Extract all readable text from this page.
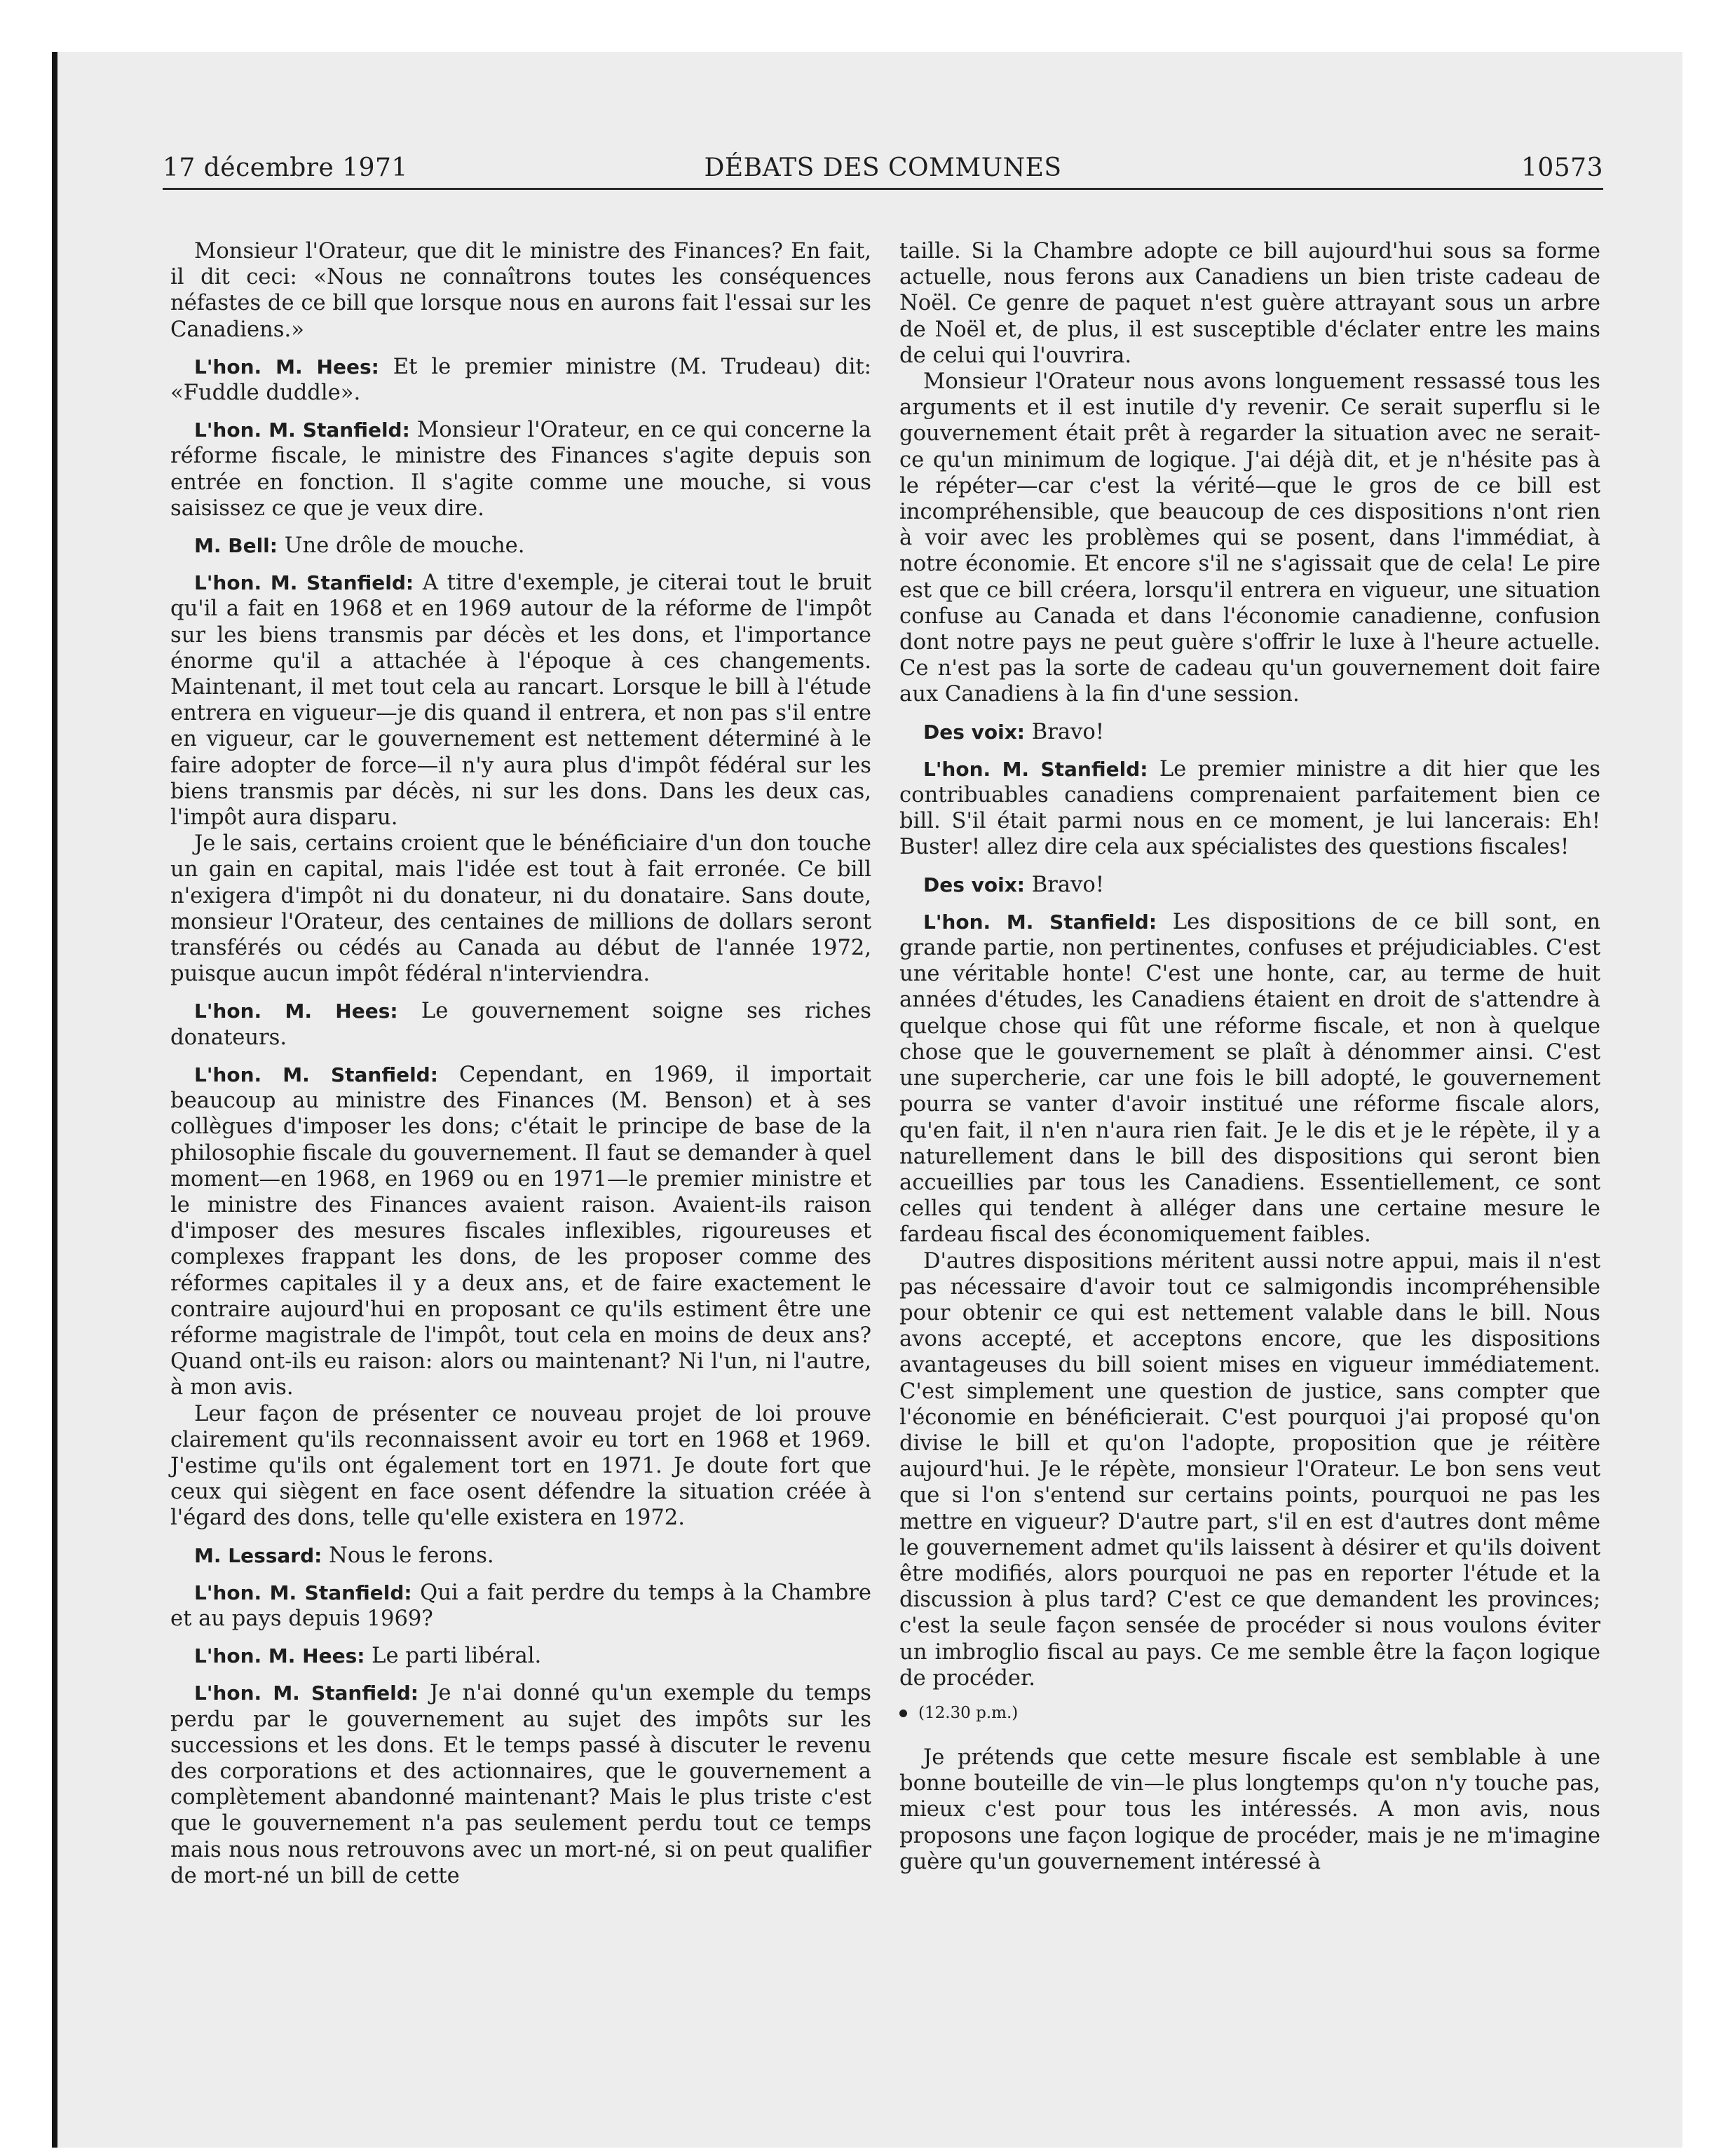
DÉBATS DES COMMUNES
17 décembre 1971	10573

Monsieur l'Orateur, que dit le ministre des Finances? En fait, il dit ceci: «Nous ne connaîtrons toutes les conséquences néfastes de ce bill que lorsque nous en aurons fait l'essai sur les Canadiens.»

L'hon. M. Hees: Et le premier ministre (M. Trudeau) dit: «Fuddle duddle».

L'hon. M. Stanfield: Monsieur l'Orateur, en ce qui concerne la réforme fiscale, le ministre des Finances s'agite depuis son entrée en fonction. Il s'agite comme une mouche, si vous saisissez ce que je veux dire.

M. Bell: Une drôle de mouche.

L'hon. M. Stanfield: A titre d'exemple, je citerai tout le bruit qu'il a fait en 1968 et en 1969 autour de la réforme de l'impôt sur les biens transmis par décès et les dons, et l'importance énorme qu'il a attachée à l'époque à ces changements. Maintenant, il met tout cela au rancart. Lorsque le bill à l'étude entrera en vigueur—je dis quand il entrera, et non pas s'il entre en vigueur, car le gouvernement est nettement déterminé à le faire adopter de force—il n'y aura plus d'impôt fédéral sur les biens transmis par décès, ni sur les dons. Dans les deux cas, l'impôt aura disparu.

Je le sais, certains croient que le bénéficiaire d'un don touche un gain en capital, mais l'idée est tout à fait erronée. Ce bill n'exigera d'impôt ni du donateur, ni du donataire. Sans doute, monsieur l'Orateur, des centaines de millions de dollars seront transférés ou cédés au Canada au début de l'année 1972, puisque aucun impôt fédéral n'interviendra.

L'hon. M. Hees: Le gouvernement soigne ses riches donateurs.

L'hon. M. Stanfield: Cependant, en 1969, il importait beaucoup au ministre des Finances (M. Benson) et à ses collègues d'imposer les dons; c'était le principe de base de la philosophie fiscale du gouvernement. Il faut se demander à quel moment—en 1968, en 1969 ou en 1971—le premier ministre et le ministre des Finances avaient raison. Avaient-ils raison d'imposer des mesures fiscales inflexibles, rigoureuses et complexes frappant les dons, de les proposer comme des réformes capitales il y a deux ans, et de faire exactement le contraire aujourd'hui en proposant ce qu'ils estiment être une réforme magistrale de l'impôt, tout cela en moins de deux ans? Quand ont-ils eu raison: alors ou maintenant? Ni l'un, ni l'autre, à mon avis.

Leur façon de présenter ce nouveau projet de loi prouve clairement qu'ils reconnaissent avoir eu tort en 1968 et 1969. J'estime qu'ils ont également tort en 1971. Je doute fort que ceux qui siègent en face osent défendre la situation créée à l'égard des dons, telle qu'elle existera en 1972.

M. Lessard: Nous le ferons.

L'hon. M. Stanfield: Qui a fait perdre du temps à la Chambre et au pays depuis 1969?

L'hon. M. Hees: Le parti libéral.

L'hon. M. Stanfield: Je n'ai donné qu'un exemple du temps perdu par le gouvernement au sujet des impôts sur les successions et les dons. Et le temps passé à discuter le revenu des corporations et des actionnaires, que le gouvernement a complètement abandonné maintenant? Mais le plus triste c'est que le gouvernement n'a pas seulement perdu tout ce temps mais nous nous retrouvons avec un mort-né, si on peut qualifier de mort-né un bill de cette

taille. Si la Chambre adopte ce bill aujourd'hui sous sa forme actuelle, nous ferons aux Canadiens un bien triste cadeau de Noël. Ce genre de paquet n'est guère attrayant sous un arbre de Noël et, de plus, il est susceptible d'éclater entre les mains de celui qui l'ouvrira.

Monsieur l'Orateur nous avons longuement ressassé tous les arguments et il est inutile d'y revenir. Ce serait superflu si le gouvernement était prêt à regarder la situation avec ne serait-ce qu'un minimum de logique. J'ai déjà dit, et je n'hésite pas à le répéter—car c'est la vérité—que le gros de ce bill est incompréhensible, que beaucoup de ces dispositions n'ont rien à voir avec les problèmes qui se posent, dans l'immédiat, à notre économie. Et encore s'il ne s'agissait que de cela! Le pire est que ce bill créera, lorsqu'il entrera en vigueur, une situation confuse au Canada et dans l'économie canadienne, confusion dont notre pays ne peut guère s'offrir le luxe à l'heure actuelle. Ce n'est pas la sorte de cadeau qu'un gouvernement doit faire aux Canadiens à la fin d'une session.

Des voix: Bravo!

L'hon. M. Stanfield: Le premier ministre a dit hier que les contribuables canadiens comprenaient parfaitement bien ce bill. S'il était parmi nous en ce moment, je lui lancerais: Eh! Buster! allez dire cela aux spécialistes des questions fiscales!

Des voix: Bravo!

L'hon. M. Stanfield: Les dispositions de ce bill sont, en grande partie, non pertinentes, confuses et préjudiciables. C'est une véritable honte! C'est une honte, car, au terme de huit années d'études, les Canadiens étaient en droit de s'attendre à quelque chose qui fût une réforme fiscale, et non à quelque chose que le gouvernement se plaît à dénommer ainsi. C'est une supercherie, car une fois le bill adopté, le gouvernement pourra se vanter d'avoir institué une réforme fiscale alors, qu'en fait, il n'en n'aura rien fait. Je le dis et je le répète, il y a naturellement dans le bill des dispositions qui seront bien accueillies par tous les Canadiens. Essentiellement, ce sont celles qui tendent à alléger dans une certaine mesure le fardeau fiscal des économiquement faibles.

D'autres dispositions méritent aussi notre appui, mais il n'est pas nécessaire d'avoir tout ce salmigondis incompréhensible pour obtenir ce qui est nettement valable dans le bill. Nous avons accepté, et acceptons encore, que les dispositions avantageuses du bill soient mises en vigueur immédiatement. C'est simplement une question de justice, sans compter que l'économie en bénéficierait. C'est pourquoi j'ai proposé qu'on divise le bill et qu'on l'adopte, proposition que je réitère aujourd'hui. Je le répète, monsieur l'Orateur. Le bon sens veut que si l'on s'entend sur certains points, pourquoi ne pas les mettre en vigueur? D'autre part, s'il en est d'autres dont même le gouvernement admet qu'ils laissent à désirer et qu'ils doivent être modifiés, alors pourquoi ne pas en reporter l'étude et la discussion à plus tard? C'est ce que demandent les provinces; c'est la seule façon sensée de procéder si nous voulons éviter un imbroglio fiscal au pays. Ce me semble être la façon logique de procéder.

(12.30 p.m.)

Je prétends que cette mesure fiscale est semblable à une bonne bouteille de vin—le plus longtemps qu'on n'y touche pas, mieux c'est pour tous les intéressés. A mon avis, nous proposons une façon logique de procéder, mais je ne m'imagine guère qu'un gouvernement intéressé à
